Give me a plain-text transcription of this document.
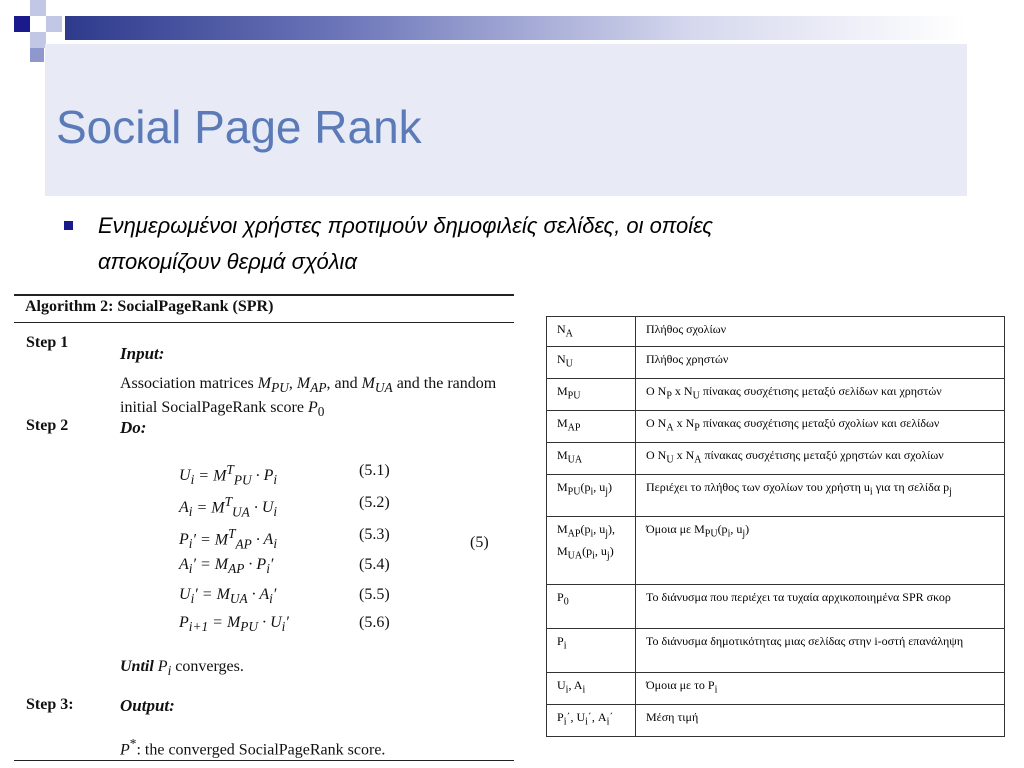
Social Page Rank
Ενημερωμένοι χρήστες προτιμούν δημοφιλείς σελίδες, οι οποίες
αποκομίζουν θερμά σχόλια
Algorithm 2: SocialPageRank (SPR)
Step 1
Input:
Association matrices $M_{PU}$, $M_{AP}$, and $M_{UA}$ and the random initial SocialPageRank score $P_0$
Step 2	Do:
$U_i = M^T_{PU} \cdot P_i$
(5.1)
$A_i = M^T_{UA} \cdot U_i$
(5.2)
$P_i' = M^T_{AP} \cdot A_i$
(5.3)
$A_i' = M_{AP} \cdot P_i'$	(5.4)
$U_i' = M_{UA} \cdot A_i'$	(5.5)
$P_{i+1} = M_{PU} \cdot U_i'$	(5.6)
(5)
Until $P_i$ converges.
Step 3:	Output:
P*: the converged SocialPageRank score.
$N_A$	Πλήθος σχολίων
$N_U$	Πλήθος χρηστών
$M_{PU}$	O $N_P$ x $N_U$ πίνακας συσχέτισης μεταξύ σελίδων και χρηστών
$M_{AP}$	O $N_A$ x $N_P$ πίνακας συσχέτισης μεταξύ σχολίων και σελίδων
$M_{UA}$	O $N_U$ x $N_A$ πίνακας συσχέτισης μεταξύ χρηστών και σχολίων
$M_{PU}(p_i$, $u_j$)	Περιέχει το πλήθος των σχολίων του χρήστη $u_i$ για τη σελίδα $p_j$

$M_{AP}(p_i$, $u_j$),
$M_{UA}(p_i$, $u_j$)	Όμοια με $M_{PU}(p_i$, $u_j$)
$P_0$	Το διάνυσμα που περιέχει τα τυχαία αρχικοποιημένα SPR σκορ

$P_i$	Το διάνυσμα δημοτικότητας μιας σελίδας στην i-οστή επανάληψη

$U_i$, $A_i$	Όμοια με το $P_i$
$P_i΄$, $U_i΄$, $A_i΄$	Μέση τιμή
